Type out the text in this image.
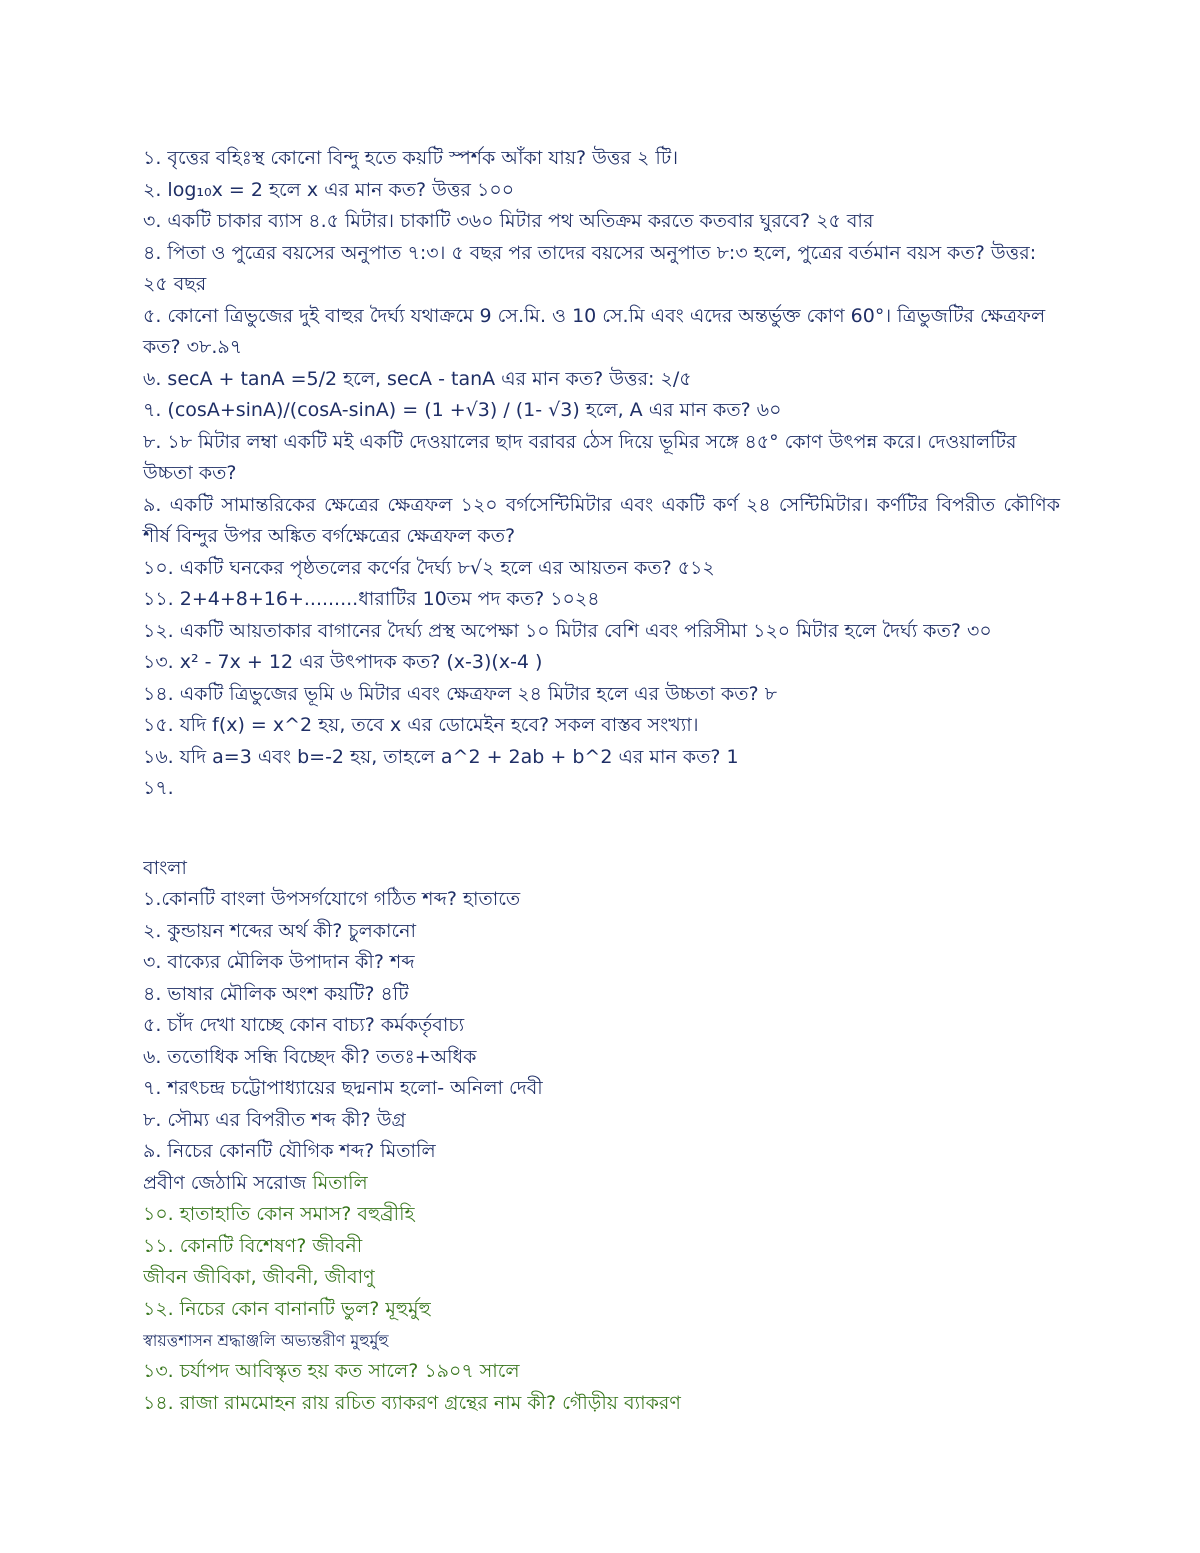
১. বৃত্তের বহিঃস্থ কোনো বিন্দু হতে কয়টি স্পর্শক আঁকা যায়? উত্তর ২ টি।
২. log₁₀x = 2 হলে x এর মান কত? উত্তর ১০০
৩. একটি চাকার ব্যাস ৪.৫ মিটার। চাকাটি ৩৬০ মিটার পথ অতিক্রম করতে কতবার ঘুরবে? ২৫ বার
৪. পিতা ও পুত্রের বয়সের অনুপাত ৭:৩। ৫ বছর পর তাদের বয়সের অনুপাত ৮:৩ হলে, পুত্রের বর্তমান বয়স কত? উত্তর: ২৫ বছর
৫. কোনো ত্রিভুজের দুই বাহুর দৈর্ঘ্য যথাক্রমে 9 সে.মি. ও 10 সে.মি এবং এদের অন্তর্ভুক্ত কোণ 60°। ত্রিভুজটির ক্ষেত্রফল কত? ৩৮.৯৭
৬. secA + tanA =5/2 হলে, secA - tanA এর মান কত? উত্তর: ২/৫
৭. (cosA+sinA)/(cosA-sinA) = (1 +√3) / (1- √3) হলে, A এর মান কত? ৬০
৮. ১৮ মিটার লম্বা একটি মই একটি দেওয়ালের ছাদ বরাবর ঠেস দিয়ে ভূমির সঙ্গে ৪৫° কোণ উৎপন্ন করে। দেওয়ালটির উচ্চতা কত?
৯. একটি সামান্তরিকের ক্ষেত্রের ক্ষেত্রফল ১২০ বর্গসেন্টিমিটার এবং একটি কর্ণ ২৪ সেন্টিমিটার। কর্ণটির বিপরীত কৌণিক শীর্ষ বিন্দুর উপর অঙ্কিত বর্গক্ষেত্রের ক্ষেত্রফল কত?
১০. একটি ঘনকের পৃষ্ঠতলের কর্ণের দৈর্ঘ্য ৮√২ হলে এর আয়তন কত? ৫১২
১১. 2+4+8+16+.........ধারাটির 10তম পদ কত? ১০২৪
১২. একটি আয়তাকার বাগানের দৈর্ঘ্য প্রস্থ অপেক্ষা ১০ মিটার বেশি এবং পরিসীমা ১২০ মিটার হলে দৈর্ঘ্য কত? ৩০
১৩. x² - 7x + 12 এর উৎপাদক কত? (x-3)(x-4 )
১৪. একটি ত্রিভুজের ভূমি ৬ মিটার এবং ক্ষেত্রফল ২৪ মিটার হলে এর উচ্চতা কত? ৮
১৫. যদি f(x) = x^2 হয়, তবে x এর ডোমেইন হবে? সকল বাস্তব সংখ্যা।
১৬. যদি a=3 এবং b=-2 হয়, তাহলে a^2 + 2ab + b^2 এর মান কত? 1
১৭.
বাংলা
১.কোনটি বাংলা উপসর্গযোগে গঠিত শব্দ? হাতাতে
২. কুন্ডায়ন শব্দের অর্থ কী? চুলকানো
৩. বাক্যের মৌলিক উপাদান কী? শব্দ
৪. ভাষার মৌলিক অংশ কয়টি? ৪টি
৫. চাঁদ দেখা যাচ্ছে কোন বাচ্য? কর্মকর্তৃবাচ্য
৬. ততোধিক সন্ধি বিচ্ছেদ কী? ততঃ+অধিক
৭. শরৎচন্দ্র চট্টোপাধ্যায়ের ছদ্মনাম হলো- অনিলা দেবী
৮. সৌম্য এর বিপরীত শব্দ কী? উগ্র
৯. নিচের কোনটি যৌগিক শব্দ? মিতালি
প্রবীণ জেঠামি সরোজ মিতালি
১০. হাতাহাতি কোন সমাস? বহুব্রীহি
১১. কোনটি বিশেষণ? জীবনী
জীবন জীবিকা, জীবনী, জীবাণু
১২. নিচের কোন বানানটি ভুল? মূহুর্মুহু
স্বায়ত্তশাসন শ্রদ্ধাঞ্জলি অভ্যন্তরীণ মুহুর্মুহু
১৩. চর্যাপদ আবিস্কৃত হয় কত সালে? ১৯০৭ সালে
১৪. রাজা রামমোহন রায় রচিত ব্যাকরণ গ্রন্থের নাম কী? গৌড়ীয় ব্যাকরণ
